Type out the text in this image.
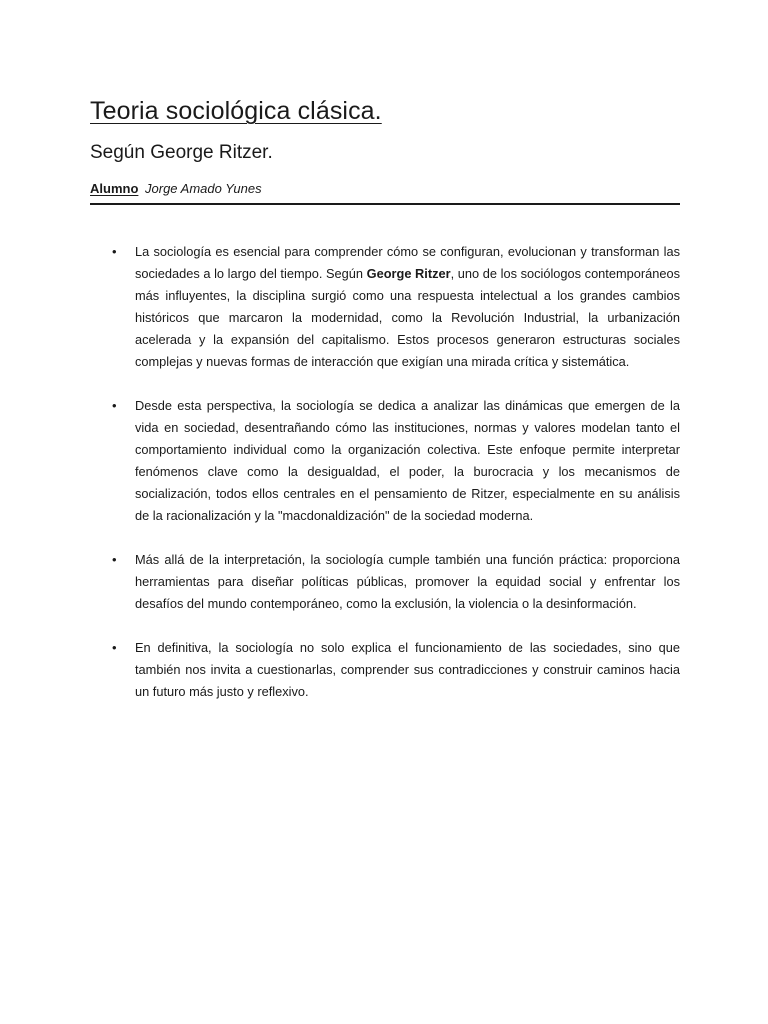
Teoria sociológica clásica.
Según George Ritzer.
Alumno Jorge Amado Yunes
• La sociología es esencial para comprender cómo se configuran, evolucionan y transforman las sociedades a lo largo del tiempo. Según George Ritzer, uno de los sociólogos contemporáneos más influyentes, la disciplina surgió como una respuesta intelectual a los grandes cambios históricos que marcaron la modernidad, como la Revolución Industrial, la urbanización acelerada y la expansión del capitalismo. Estos procesos generaron estructuras sociales complejas y nuevas formas de interacción que exigían una mirada crítica y sistemática.
• Desde esta perspectiva, la sociología se dedica a analizar las dinámicas que emergen de la vida en sociedad, desentrañando cómo las instituciones, normas y valores modelan tanto el comportamiento individual como la organización colectiva. Este enfoque permite interpretar fenómenos clave como la desigualdad, el poder, la burocracia y los mecanismos de socialización, todos ellos centrales en el pensamiento de Ritzer, especialmente en su análisis de la racionalización y la "macdonaldización" de la sociedad moderna.
• Más allá de la interpretación, la sociología cumple también una función práctica: proporciona herramientas para diseñar políticas públicas, promover la equidad social y enfrentar los desafíos del mundo contemporáneo, como la exclusión, la violencia o la desinformación.
• En definitiva, la sociología no solo explica el funcionamiento de las sociedades, sino que también nos invita a cuestionarlas, comprender sus contradicciones y construir caminos hacia un futuro más justo y reflexivo.
